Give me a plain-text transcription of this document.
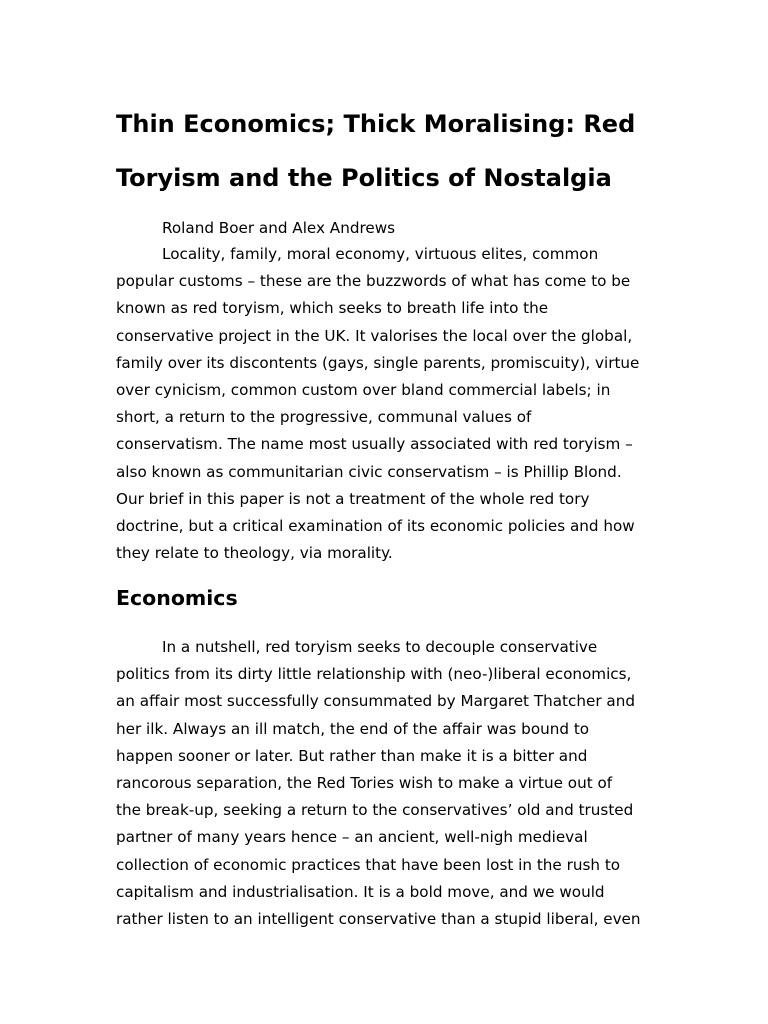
Thin Economics; Thick Moralising: Red
Toryism and the Politics of Nostalgia
Roland Boer and Alex Andrews
Locality, family, moral economy, virtuous elites, common
popular customs – these are the buzzwords of what has come to be
known as red toryism, which seeks to breath life into the
conservative project in the UK. It valorises the local over the global,
family over its discontents (gays, single parents, promiscuity), virtue
over cynicism, common custom over bland commercial labels; in
short, a return to the progressive, communal values of
conservatism. The name most usually associated with red toryism –
also known as communitarian civic conservatism – is Phillip Blond.
Our brief in this paper is not a treatment of the whole red tory
doctrine, but a critical examination of its economic policies and how
they relate to theology, via morality.
Economics
In a nutshell, red toryism seeks to decouple conservative
politics from its dirty little relationship with (neo-)liberal economics,
an affair most successfully consummated by Margaret Thatcher and
her ilk. Always an ill match, the end of the affair was bound to
happen sooner or later. But rather than make it is a bitter and
rancorous separation, the Red Tories wish to make a virtue out of
the break-up, seeking a return to the conservatives’ old and trusted
partner of many years hence – an ancient, well-nigh medieval
collection of economic practices that have been lost in the rush to
capitalism and industrialisation. It is a bold move, and we would
rather listen to an intelligent conservative than a stupid liberal, even
